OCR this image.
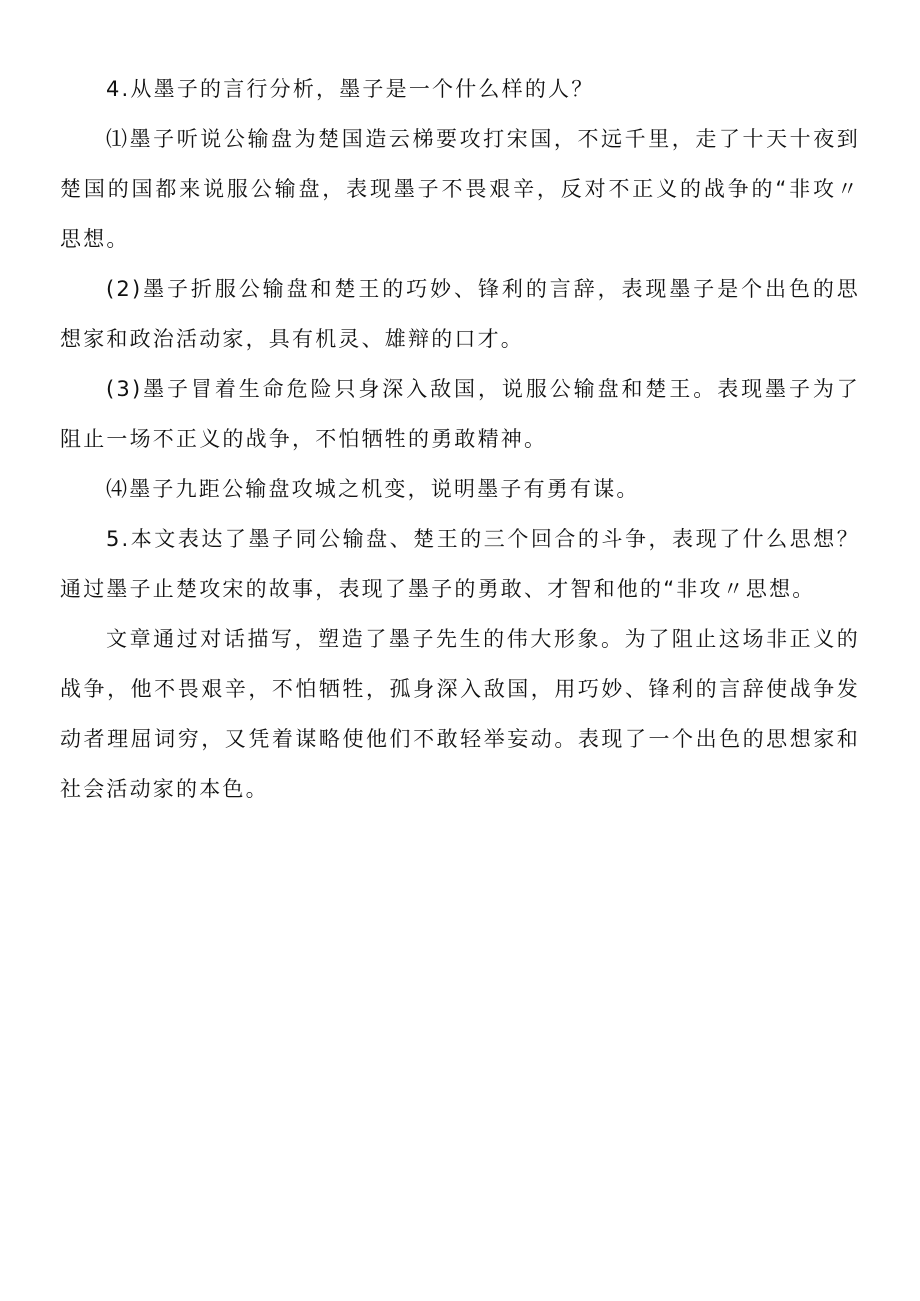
4.从墨子的言行分析，墨子是一个什么样的人？

⑴墨子听说公输盘为楚国造云梯要攻打宋国，不远千里，走了十天十夜到楚国的国都来说服公输盘，表现墨子不畏艰辛，反对不正义的战争的“非攻〃思想。

(2)墨子折服公输盘和楚王的巧妙、锋利的言辞，表现墨子是个出色的思想家和政治活动家，具有机灵、雄辩的口才。

(3)墨子冒着生命危险只身深入敌国，说服公输盘和楚王。表现墨子为了阻止一场不正义的战争，不怕牺牲的勇敢精神。

⑷墨子九距公输盘攻城之机变，说明墨子有勇有谋。

5.本文表达了墨子同公输盘、楚王的三个回合的斗争，表现了什么思想？通过墨子止楚攻宋的故事，表现了墨子的勇敢、才智和他的“非攻〃思想。

文章通过对话描写，塑造了墨子先生的伟大形象。为了阻止这场非正义的战争，他不畏艰辛，不怕牺牲，孤身深入敌国，用巧妙、锋利的言辞使战争发动者理屈词穷，又凭着谋略使他们不敢轻举妄动。表现了一个出色的思想家和社会活动家的本色。
